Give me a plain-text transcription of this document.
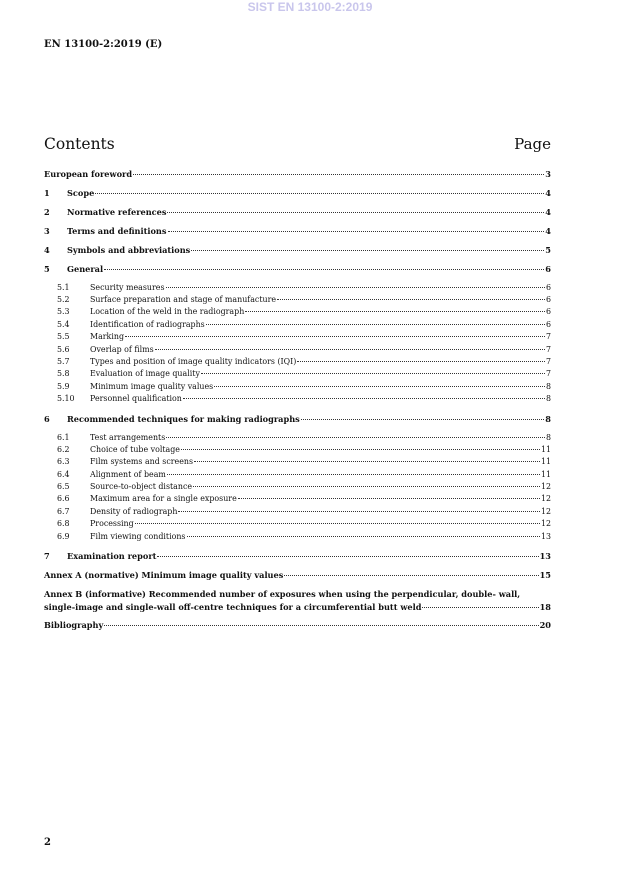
SIST EN 13100-2:2019
EN 13100-2:2019 (E)
Contents	Page
European foreword	3
1	Scope	4
2	Normative references	4
3	Terms and definitions	4
4	Symbols and abbreviations	5
5	General	6
5.1	Security measures	6
5.2	Surface preparation and stage of manufacture	6
5.3	Location of the weld in the radiograph	6
5.4	Identification of radiographs	6
5.5	Marking	7
5.6	Overlap of films	7
5.7	Types and position of image quality indicators (IQI)	7
5.8	Evaluation of image quality	7
5.9	Minimum image quality values	8
5.10	Personnel qualification	8
6	Recommended techniques for making radiographs	8
6.1	Test arrangements	8
6.2	Choice of tube voltage	11
6.3	Film systems and screens	11
6.4	Alignment of beam	11
6.5	Source-to-object distance	12
6.6	Maximum area for a single exposure	12
6.7	Density of radiograph	12
6.8	Processing	12
6.9	Film viewing conditions	13
7	Examination report	13
Annex A (normative) Minimum image quality values	15
Annex B (informative) Recommended number of exposures when using the perpendicular, double- wall,
single-image and single-wall off-centre techniques for a circumferential butt weld	18
Bibliography	20
2
